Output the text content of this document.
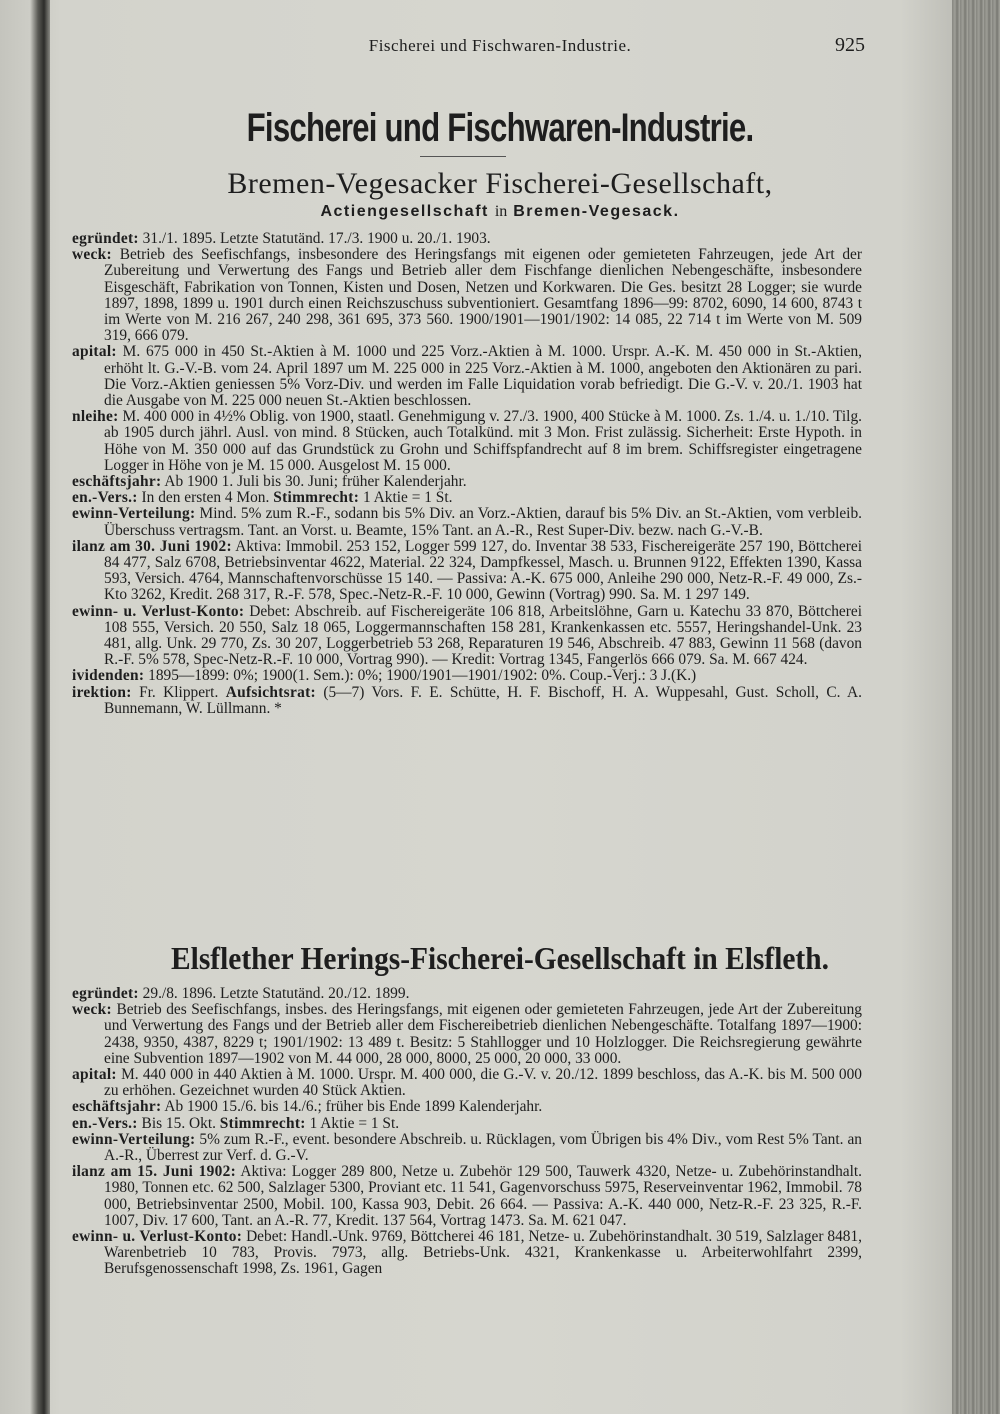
Fischerei und Fischwaren-Industrie.	925
Fischerei und Fischwaren-Industrie.
Bremen-Vegesacker Fischerei-Gesellschaft,
Actiengesellschaft in Bremen-Vegesack.

egründet: 31./1. 1895. Letzte Statutänd. 17./3. 1900 u. 20./1. 1903.

weck: Betrieb des Seefischfangs, insbesondere des Heringsfangs mit eigenen oder gemieteten Fahrzeugen, jede Art der Zubereitung und Verwertung des Fangs und Betrieb aller dem Fischfange dienlichen Nebengeschäfte, insbesondere Eisgeschäft, Fabrikation von Tonnen, Kisten und Dosen, Netzen und Korkwaren. Die Ges. besitzt 28 Logger; sie wurde 1897, 1898, 1899 u. 1901 durch einen Reichszuschuss subventioniert. Gesamtfang 1896—99: 8702, 6090, 14 600, 8743 t im Werte von M. 216 267, 240 298, 361 695, 373 560. 1900/1901—1901/1902: 14 085, 22 714 t im Werte von M. 509 319, 666 079.

apital: M. 675 000 in 450 St.-Aktien à M. 1000 und 225 Vorz.-Aktien à M. 1000. Urspr. A.-K. M. 450 000 in St.-Aktien, erhöht lt. G.-V.-B. vom 24. April 1897 um M. 225 000 in 225 Vorz.-Aktien à M. 1000, angeboten den Aktionären zu pari. Die Vorz.-Aktien geniessen 5% Vorz-Div. und werden im Falle Liquidation vorab befriedigt. Die G.-V. v. 20./1. 1903 hat die Ausgabe von M. 225 000 neuen St.-Aktien beschlossen.

nleihe: M. 400 000 in 4½% Oblig. von 1900, staatl. Genehmigung v. 27./3. 1900, 400 Stücke à M. 1000. Zs. 1./4. u. 1./10. Tilg. ab 1905 durch jährl. Ausl. von mind. 8 Stücken, auch Totalkünd. mit 3 Mon. Frist zulässig. Sicherheit: Erste Hypoth. in Höhe von M. 350 000 auf das Grundstück zu Grohn und Schiffspfandrecht auf 8 im brem. Schiffsregister eingetragene Logger in Höhe von je M. 15 000. Ausgelost M. 15 000.

eschäftsjahr: Ab 1900 1. Juli bis 30. Juni; früher Kalenderjahr.

en.-Vers.: In den ersten 4 Mon. Stimmrecht: 1 Aktie = 1 St.

ewinn-Verteilung: Mind. 5% zum R.-F., sodann bis 5% Div. an Vorz.-Aktien, darauf bis 5% Div. an St.-Aktien, vom verbleib. Überschuss vertragsm. Tant. an Vorst. u. Beamte, 15% Tant. an A.-R., Rest Super-Div. bezw. nach G.-V.-B.

ilanz am 30. Juni 1902: Aktiva: Immobil. 253 152, Logger 599 127, do. Inventar 38 533, Fischereigeräte 257 190, Böttcherei 84 477, Salz 6708, Betriebsinventar 4622, Material. 22 324, Dampfkessel, Masch. u. Brunnen 9122, Effekten 1390, Kassa 593, Versich. 4764, Mannschaftenvorschüsse 15 140. — Passiva: A.-K. 675 000, Anleihe 290 000, Netz-R.-F. 49 000, Zs.-Kto 3262, Kredit. 268 317, R.-F. 578, Spec.-Netz-R.-F. 10 000, Gewinn (Vortrag) 990. Sa. M. 1 297 149.

ewinn- u. Verlust-Konto: Debet: Abschreib. auf Fischereigeräte 106 818, Arbeitslöhne, Garn u. Katechu 33 870, Böttcherei 108 555, Versich. 20 550, Salz 18 065, Loggermannschaften 158 281, Krankenkassen etc. 5557, Heringshandel-Unk. 23 481, allg. Unk. 29 770, Zs. 30 207, Loggerbetrieb 53 268, Reparaturen 19 546, Abschreib. 47 883, Gewinn 11 568 (davon R.-F. 5% 578, Spec-Netz-R.-F. 10 000, Vortrag 990). — Kredit: Vortrag 1345, Fangerlös 666 079. Sa. M. 667 424.

ividenden: 1895—1899: 0%; 1900(1. Sem.): 0%; 1900/1901—1901/1902: 0%. Coup.-Verj.: 3 J.(K.)

irektion: Fr. Klippert. Aufsichtsrat: (5—7) Vors. F. E. Schütte, H. F. Bischoff, H. A. Wuppesahl, Gust. Scholl, C. A. Bunnemann, W. Lüllmann. *

Elsflether Herings-Fischerei-Gesellschaft in Elsfleth.

egründet: 29./8. 1896. Letzte Statutänd. 20./12. 1899.

weck: Betrieb des Seefischfangs, insbes. des Heringsfangs, mit eigenen oder gemieteten Fahrzeugen, jede Art der Zubereitung und Verwertung des Fangs und der Betrieb aller dem Fischereibetrieb dienlichen Nebengeschäfte. Totalfang 1897—1900: 2438, 9350, 4387, 8229 t; 1901/1902: 13 489 t. Besitz: 5 Stahllogger und 10 Holzlogger. Die Reichsregierung gewährte eine Subvention 1897—1902 von M. 44 000, 28 000, 8000, 25 000, 20 000, 33 000.

apital: M. 440 000 in 440 Aktien à M. 1000. Urspr. M. 400 000, die G.-V. v. 20./12. 1899 beschloss, das A.-K. bis M. 500 000 zu erhöhen. Gezeichnet wurden 40 Stück Aktien.

eschäftsjahr: Ab 1900 15./6. bis 14./6.; früher bis Ende 1899 Kalenderjahr.

en.-Vers.: Bis 15. Okt. Stimmrecht: 1 Aktie = 1 St.

ewinn-Verteilung: 5% zum R.-F., event. besondere Abschreib. u. Rücklagen, vom Übrigen bis 4% Div., vom Rest 5% Tant. an A.-R., Überrest zur Verf. d. G.-V.

ilanz am 15. Juni 1902: Aktiva: Logger 289 800, Netze u. Zubehör 129 500, Tauwerk 4320, Netze- u. Zubehörinstandhalt. 1980, Tonnen etc. 62 500, Salzlager 5300, Proviant etc. 11 541, Gagenvorschuss 5975, Reserveinventar 1962, Immobil. 78 000, Betriebsinventar 2500, Mobil. 100, Kassa 903, Debit. 26 664. — Passiva: A.-K. 440 000, Netz-R.-F. 23 325, R.-F. 1007, Div. 17 600, Tant. an A.-R. 77, Kredit. 137 564, Vortrag 1473. Sa. M. 621 047.

ewinn- u. Verlust-Konto: Debet: Handl.-Unk. 9769, Böttcherei 46 181, Netze- u. Zubehörinstandhalt. 30 519, Salzlager 8481, Warenbetrieb 10 783, Provis. 7973, allg. Betriebs-Unk. 4321, Krankenkasse u. Arbeiterwohlfahrt 2399, Berufsgenossenschaft 1998, Zs. 1961, Gagen
